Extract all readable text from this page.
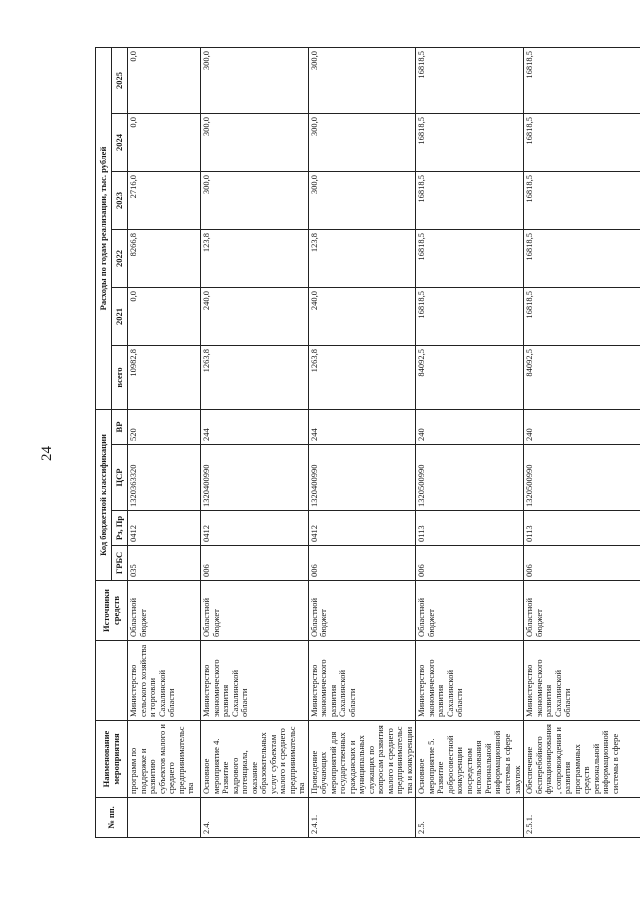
24
№ пп.	Наименование мероприятия		Источники средств	Код бюджетной классификации				Расходы по годам реализации, тыс. рублей					
				ГРБС	Рз, Пр	ЦСР	ВР	всего	2021	2022	2023	2024	2025
	программ по поддержке и развитию субъектов малого и среднего предпринимательства	Министерство сельского хозяйства и торговли Сахалинской области	Областной бюджет	035	0412	1320363320	520	10982,8	0,0	8266,8	2716,0	0,0	0,0
2.4.	Основное мероприятие 4. Развитие кадрового потенциала, оказание образовательных услуг субъектам малого и среднего предпринимательства	Министерство экономического развития Сахалинской области	Областной бюджет	006	0412	1320400990	244	1263,8	240,0	123,8	300,0	300,0	300,0
2.4.1.	Проведение обучающих мероприятий для государственных гражданских и муниципальных служащих по вопросам развития малого и среднего предпринимательства и конкуренции	Министерство экономического развития Сахалинской области	Областной бюджет	006	0412	1320400990	244	1263,8	240,0	123,8	300,0	300,0	300,0
2.5.	Основное мероприятие 5. Развитие добросовестной конкуренции посредством использования Региональной информационной системы в сфере закупок	Министерство экономического развития Сахалинской области	Областной бюджет	006	0113	1320500990	240	84092,5	16818,5	16818,5	16818,5	16818,5	16818,5
2.5.1.	Обеспечение бесперебойного функционирования, сопровождения и развития программных средств региональной информационной системы в сфере	Министерство экономического развития Сахалинской области	Областной бюджет	006	0113	1320500990	240	84092,5	16818,5	16818,5	16818,5	16818,5	16818,5
